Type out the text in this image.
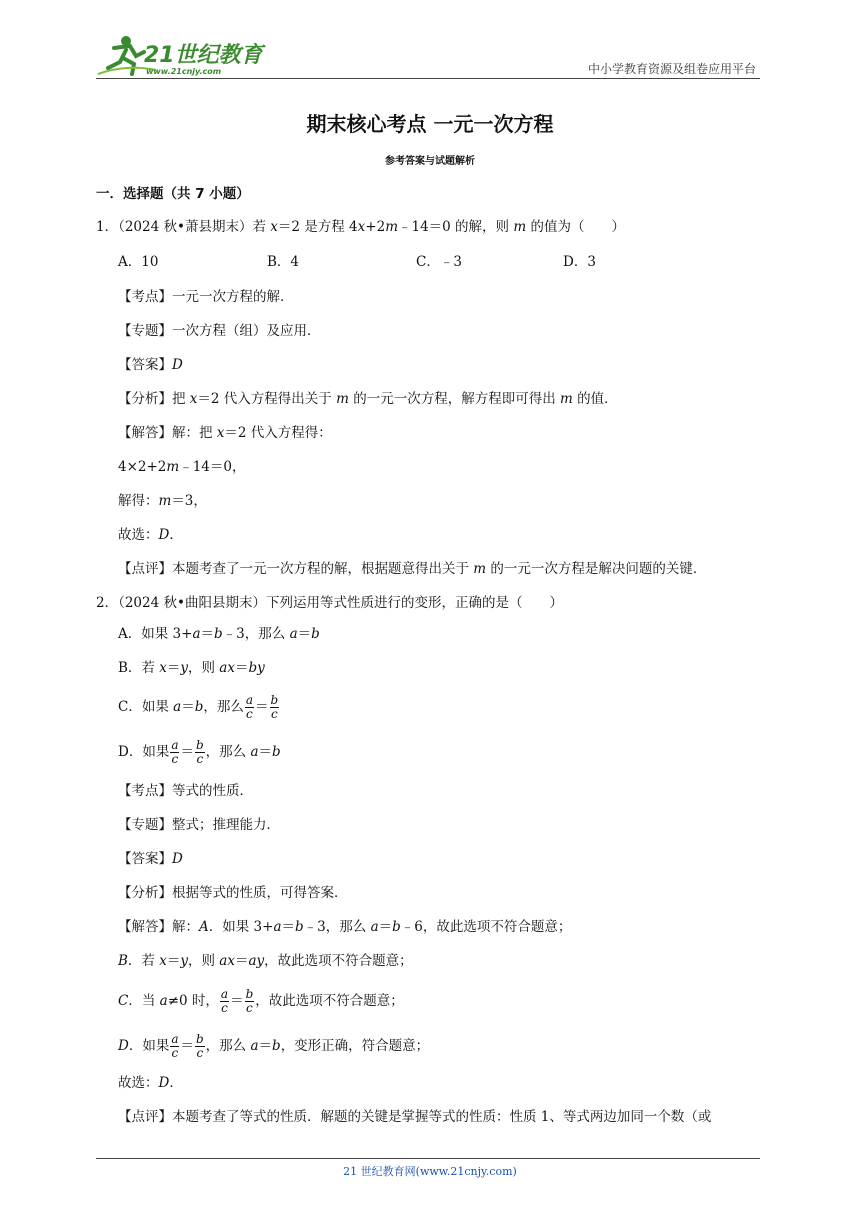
21世纪教育
www.21cnjy.com	中小学教育资源及组卷应用平台
期末核心考点 一元一次方程
参考答案与试题解析
一．选择题（共 7 小题）
1．（2024 秋•萧县期末）若 x＝2 是方程 4x+2m﹣14＝0 的解，则 m 的值为（　　）
A．10	B．4	C．﹣3	D．3
【考点】一元一次方程的解．
【专题】一次方程（组）及应用．
【答案】D
【分析】把 x＝2 代入方程得出关于 m 的一元一次方程，解方程即可得出 m 的值．
【解答】解：把 x＝2 代入方程得：
4×2+2m﹣14＝0，
解得：m＝3，
故选：D．
【点评】本题考查了一元一次方程的解，根据题意得出关于 m 的一元一次方程是解决问题的关键．
2．（2024 秋•曲阳县期末）下列运用等式性质进行的变形，正确的是（　　）
A．如果 3+a＝b﹣3，那么 a＝b
B．若 x＝y，则 ax＝by
C．如果 a＝b，那么 $\frac{a}{c} = \frac{b}{c}$
D．如果 $\frac{a}{c} = \frac{b}{c}$ ，那么 a＝b
【考点】等式的性质．
【专题】整式；推理能力．
【答案】D
【分析】根据等式的性质，可得答案．
【解答】解：A．如果 3+a＝b﹣3，那么 a＝b﹣6，故此选项不符合题意；
B．若 x＝y，则 ax＝ay，故此选项不符合题意；
C．当 a≠0 时， $\frac{a}{c} = \frac{b}{c}$ ，故此选项不符合题意；
D．如果 $\frac{a}{c} = \frac{b}{c}$ ，那么 a＝b，变形正确，符合题意；
故选：D．
【点评】本题考查了等式的性质．解题的关键是掌握等式的性质：性质 1、等式两边加同一个数（或
21 世纪教育网(www.21cnjy.com)
